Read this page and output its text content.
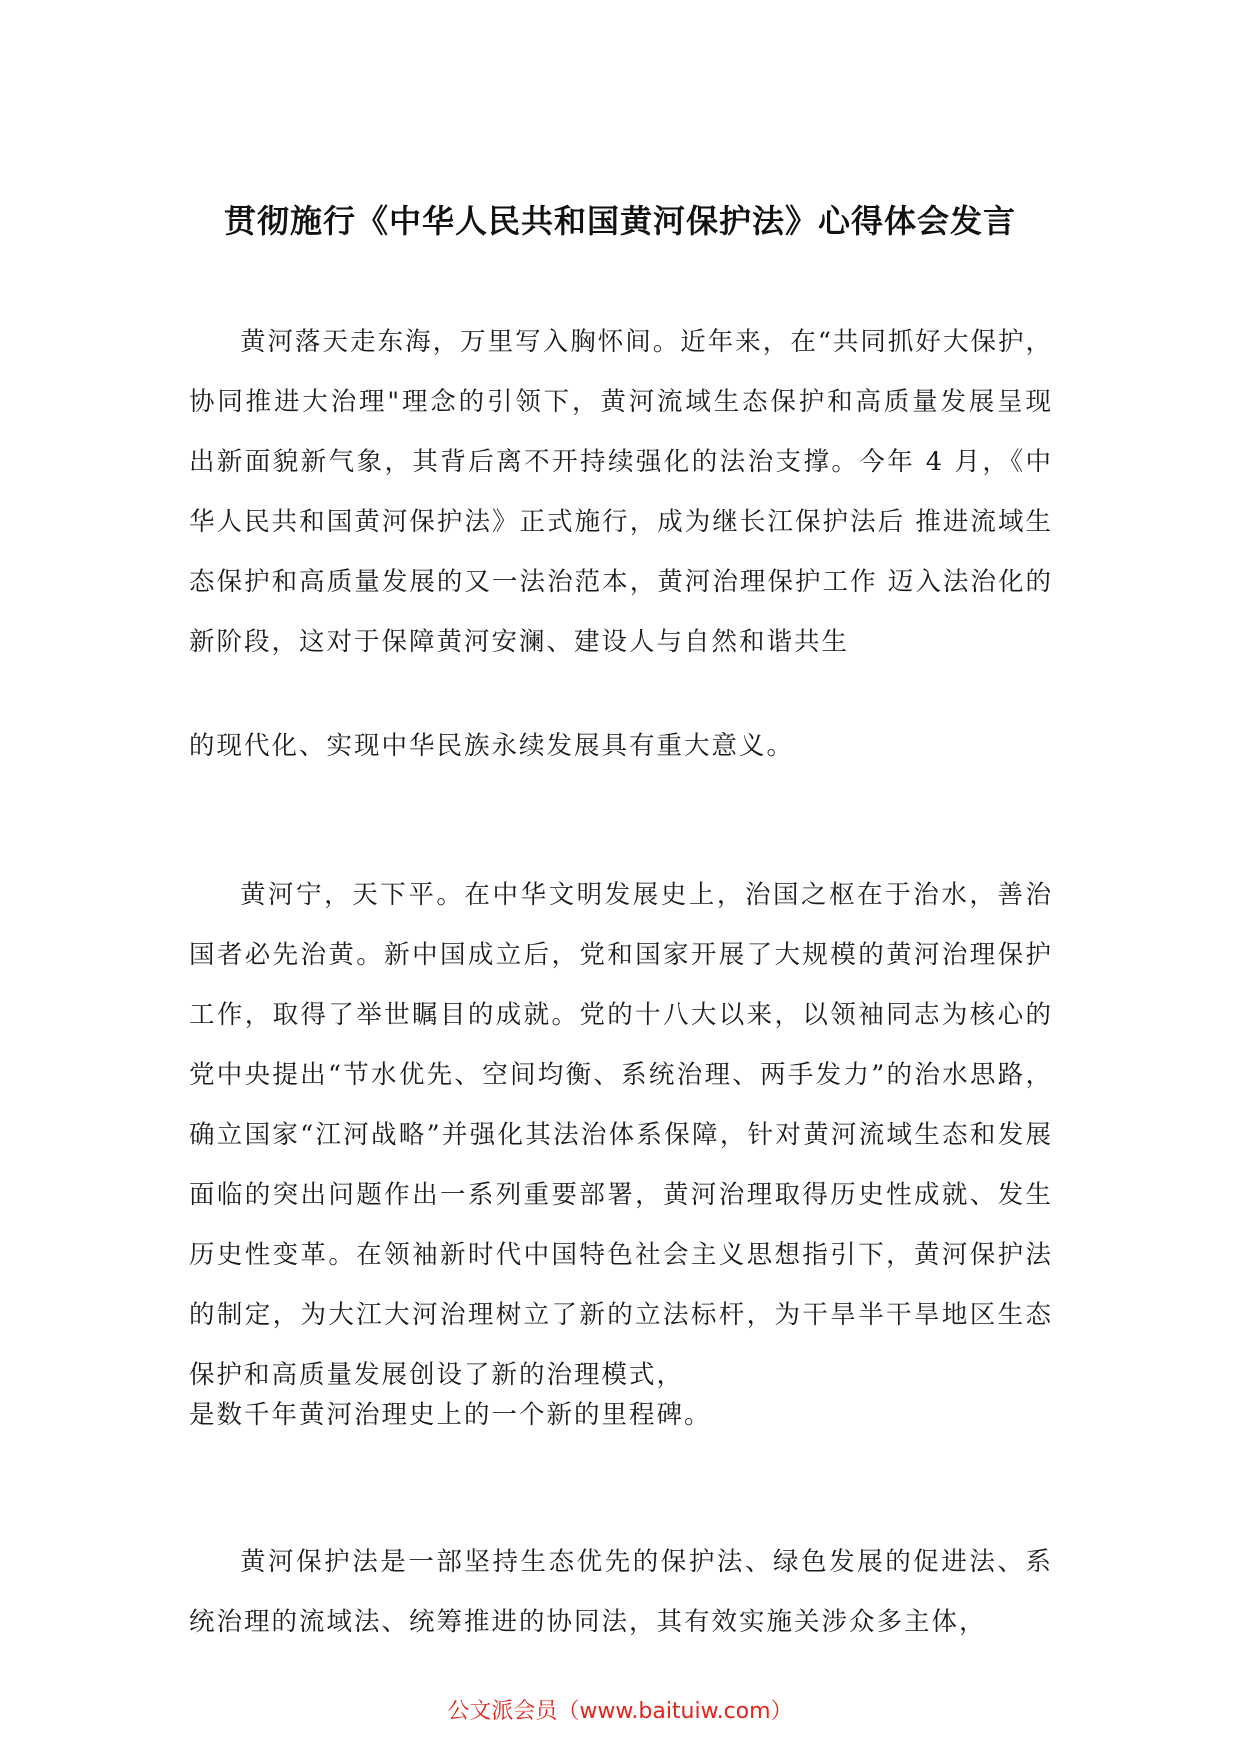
贯彻施行《中华人民共和国黄河保护法》心得体会发言
黄河落天走东海，万里写入胸怀间。近年来，在“共同抓好大保护，协同推进大治理"理念的引领下，黄河流域生态保护和高质量发展呈现出新面貌新气象，其背后离不开持续强化的法治支撑。今年 4 月，《中华人民共和国黄河保护法》正式施行，成为继长江保护法后 推进流域生态保护和高质量发展的又一法治范本，黄河治理保护工作 迈入法治化的新阶段，这对于保障黄河安澜、建设人与自然和谐共生
的现代化、实现中华民族永续发展具有重大意义。
黄河宁，天下平。在中华文明发展史上，治国之枢在于治水，善治国者必先治黄。新中国成立后，党和国家开展了大规模的黄河治理保护工作，取得了举世瞩目的成就。党的十八大以来，以领袖同志为核心的党中央提出“节水优先、空间均衡、系统治理、两手发力”的治水思路，确立国家“江河战略”并强化其法治体系保障，针对黄河流域生态和发展面临的突出问题作出一系列重要部署，黄河治理取得历史性成就、发生历史性变革。在领袖新时代中国特色社会主义思想指引下，黄河保护法的制定，为大江大河治理树立了新的立法标杆，为干旱半干旱地区生态保护和高质量发展创设了新的治理模式，
是数千年黄河治理史上的一个新的里程碑。
黄河保护法是一部坚持生态优先的保护法、绿色发展的促进法、系统治理的流域法、统筹推进的协同法，其有效实施关涉众多主体，
公文派会员（www.baituiw.com）
